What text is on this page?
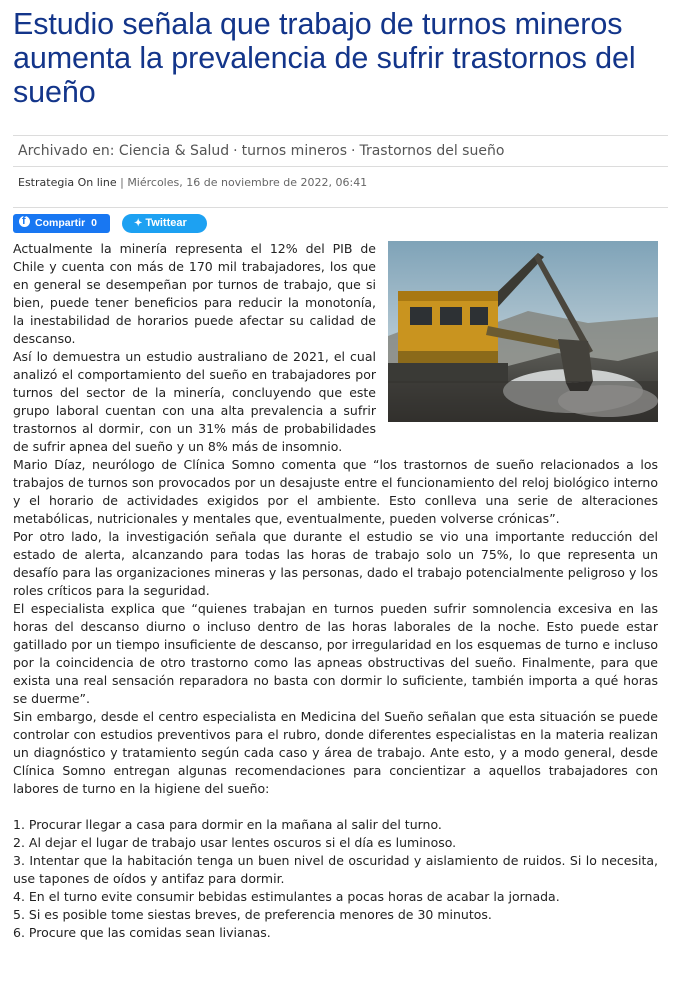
Estudio señala que trabajo de turnos mineros aumenta la prevalencia de sufrir trastornos del sueño
Archivado en: Ciencia & Salud · turnos mineros · Trastornos del sueño
Estrategia On line | Miércoles, 16 de noviembre de 2022, 06:41
fCompartir 0	✦ Twittear

Actualmente la minería representa el 12% del PIB de Chile y cuenta con más de 170 mil trabajadores, los que en general se desempeñan por turnos de trabajo, que si bien, puede tener beneficios para reducir la monotonía, la inestabilidad de horarios puede afectar su calidad de descanso.

Así lo demuestra un estudio australiano de 2021, el cual analizó el comportamiento del sueño en trabajadores por turnos del sector de la minería, concluyendo que este grupo laboral cuentan con una alta prevalencia a sufrir trastornos al dormir, con un 31% más de probabilidades de sufrir apnea del sueño y un 8% más de insomnio.

Mario Díaz, neurólogo de Clínica Somno comenta que “los trastornos de sueño relacionados a los trabajos de turnos son provocados por un desajuste entre el funcionamiento del reloj biológico interno y el horario de actividades exigidos por el ambiente. Esto conlleva una serie de alteraciones metabólicas, nutricionales y mentales que, eventualmente, pueden volverse crónicas”.

Por otro lado, la investigación señala que durante el estudio se vio una importante reducción del estado de alerta, alcanzando para todas las horas de trabajo solo un 75%, lo que representa un desafío para las organizaciones mineras y las personas, dado el trabajo potencialmente peligroso y los roles críticos para la seguridad.

El especialista explica que “quienes trabajan en turnos pueden sufrir somnolencia excesiva en las horas del descanso diurno o incluso dentro de las horas laborales de la noche. Esto puede estar gatillado por un tiempo insuficiente de descanso, por irregularidad en los esquemas de turno e incluso por la coincidencia de otro trastorno como las apneas obstructivas del sueño. Finalmente, para que exista una real sensación reparadora no basta con dormir lo suficiente, también importa a qué horas se duerme”.

Sin embargo, desde el centro especialista en Medicina del Sueño señalan que esta situación se puede controlar con estudios preventivos para el rubro, donde diferentes especialistas en la materia realizan un diagnóstico y tratamiento según cada caso y área de trabajo. Ante esto, y a modo general, desde Clínica Somno entregan algunas recomendaciones para concientizar a aquellos trabajadores con labores de turno en la higiene del sueño:

1. Procurar llegar a casa para dormir en la mañana al salir del turno.

2. Al dejar el lugar de trabajo usar lentes oscuros si el día es luminoso.

3. Intentar que la habitación tenga un buen nivel de oscuridad y aislamiento de ruidos. Si lo necesita, use tapones de oídos y antifaz para dormir.

4. En el turno evite consumir bebidas estimulantes a pocas horas de acabar la jornada.

5. Si es posible tome siestas breves, de preferencia menores de 30 minutos.

6. Procure que las comidas sean livianas.
